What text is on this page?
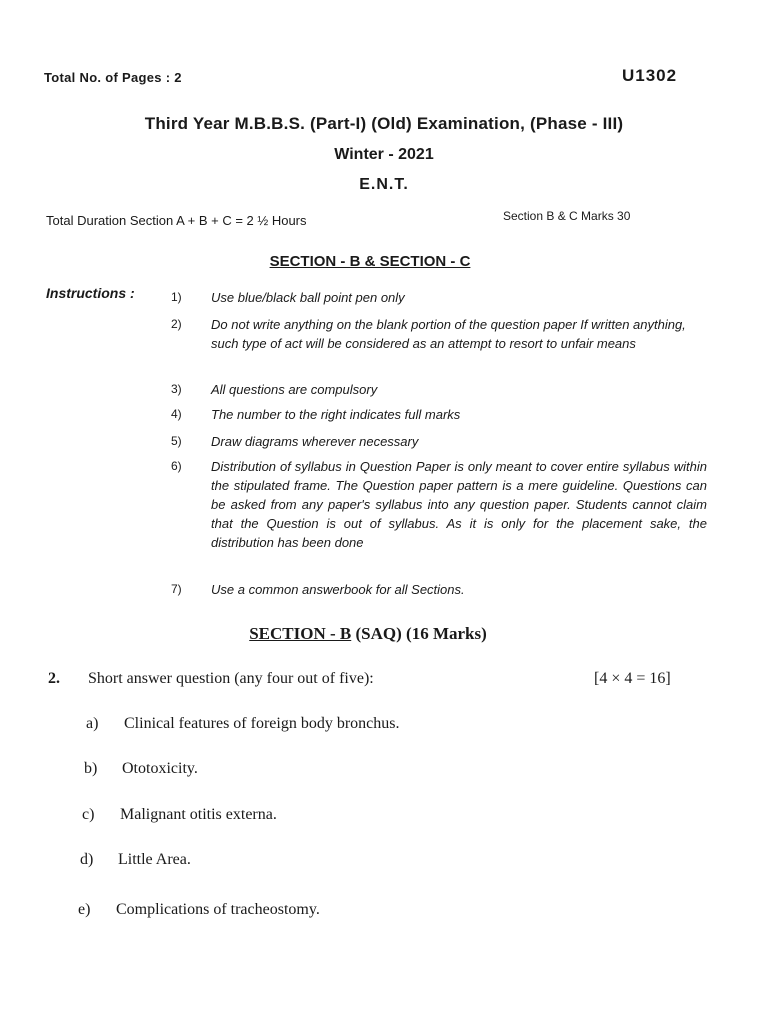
Total No. of Pages : 2	U1302
Third Year M.B.B.S. (Part-I) (Old) Examination, (Phase - III)
Winter - 2021
E.N.T.
Total Duration Section A + B + C = 2 ½ Hours	Section B & C Marks 30
SECTION - B & SECTION - C
Instructions :	1) Use blue/black ball point pen only
2) Do not write anything on the blank portion of the question paper If written anything, such type of act will be considered as an attempt to resort to unfair means
3) All questions are compulsory
4) The number to the right indicates full marks
5) Draw diagrams wherever necessary
6) Distribution of syllabus in Question Paper is only meant to cover entire syllabus within the stipulated frame. The Question paper pattern is a mere guideline. Questions can be asked from any paper's syllabus into any question paper. Students cannot claim that the Question is out of syllabus. As it is only for the placement sake, the distribution has been done
7) Use a common answerbook for all Sections.
SECTION - B (SAQ) (16 Marks)
2. Short answer question (any four out of five):	[4 × 4 = 16]
a) Clinical features of foreign body bronchus.
b) Ototoxicity.
c) Malignant otitis externa.
d) Little Area.
e) Complications of tracheostomy.
